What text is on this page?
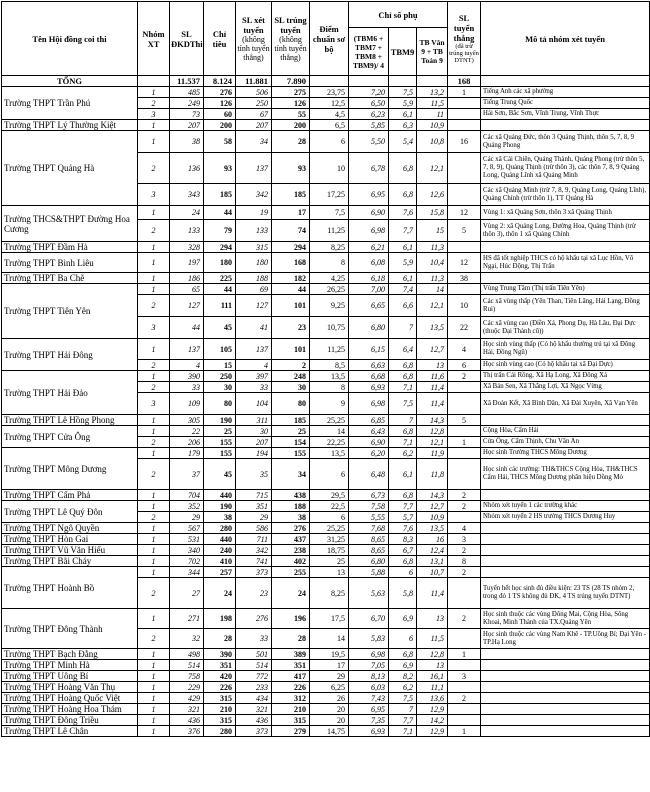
Tên Hội đồng coi thi	Nhóm XT	SL ĐKDThi	Chỉ tiêu	SL xét tuyển
(không tính tuyển thẳng)	SL trúng tuyển
(không tính tuyển thẳng)	Điểm chuẩn sơ bộ	Chỉ số phụ			SL tuyển thẳng
(đã trừ trúng tuyển DTNT)	Mô tả nhóm xét tuyển
							(TBM6 + TBM7 + TBM8 + TBM9)/ 4	TBM9	TB Văn 9 + TB Toán 9		
TỔNG		11.537	8.124	11.881	7.890					168	
Trường THPT Trần Phú	1	485	276	506	275	23,75	7,20	7,5	13,2	1	Tiếng Anh các xã phường
	2	249	126	250	126	12,5	6,50	5,9	11,5		Tiếng Trung Quốc
	3	73	60	67	55	4,5	6,23	6,1	11		Hải Sơn, Bắc Sơn, Vĩnh Trung, Vĩnh Thực
Trường THPT Lý Thường Kiệt	1	207	200	207	200	6,5	5,85	6,3	10,9		
Trường THPT Quảng Hà	1	38	58	34	28	6	5,50	5,4	10,8	16	Các xã Quảng Đức, thôn 3 Quảng Thịnh, thôn 5, 7, 8, 9 Quảng Phong
	2	136	93	137	93	10	6,78	6,8	12,1		Các xã Cái Chiên, Quảng Thành, Quảng Phong (trừ thôn 5, 7, 8, 9), Quảng Thịnh (trừ thôn 3), các thôn 7, 8, 9 Quảng Long, Quảng Lĩnh xã Quảng Minh
	3	343	185	342	185	17,25	6,95	6,8	12,6		Các xã Quảng Minh (trừ 7, 8, 9, Quảng Long, Quảng Lĩnh), Quảng Chính (trừ thôn 1), TT Quảng Hà
Trường THCS&THPT Đường Hoa Cương	1	24	44	19	17	7,5	6,90	7,6	15,8	12	Vùng 1: xã Quảng Sơn, thôn 3 xã Quảng Thịnh
	2	133	79	133	74	11,25	6,98	7,7	15	5	Vùng 2: xã Quảng Long, Đường Hoa, Quảng Thịnh (trừ thôn 3), thôn 1 xã Quảng Chính
Trường THPT Đầm Hà	1	328	294	315	294	8,25	6,21	6,1	11,3		
Trường THPT Bình Liêu	1	197	180	180	168	8	6,08	5,9	10,4	12	HS đã tốt nghiệp THCS có hộ khẩu tại xã Lục Hồn, Vô Ngại, Húc Động, Thị Trấn
Trường THPT Ba Chẽ	1	186	225	188	182	4,25	6,18	6,1	11,3	38	
Trường THPT Tiên Yên	1	65	44	69	44	26,25	7,00	7,4	14		Vùng Trung Tâm (Thị trấn Tiên Yên)
	2	127	111	127	101	9,25	6,65	6,6	12,1	10	Các xã vùng thấp (Yên Than, Tiên Lãng, Hải Lạng, Đồng Rui)
	3	44	45	41	23	10,75	6,80	7	13,5	22	Các xã vùng cao (Điền Xá, Phong Dụ, Hà Lâu, Đại Dực (thuộc Đại Thành cũ))
Trường THPT Hải Đông	1	137	105	137	101	11,25	6,15	6,4	12,7	4	Học sinh vùng thấp (Có hộ khẩu thường trú tại xã Đông Hải, Đồng Ngũ)
	2	4	15	4	2	8,5	6,63	6,8	13	6	Học sinh vùng cao (Có hộ khẩu tại xã Đại Dực)
Trường THPT Hải Đảo	1	390	250	397	248	13,5	6,68	6,8	11,6	2	Thị trấn Cái Rồng, Xã Hạ Long, Xã Đông Xá
	2	33	30	33	30	8	6,93	7,1	11,4		Xã Bản Sen, Xã Thắng Lợi, Xã Ngọc Vừng
	3	109	80	104	80	9	6,98	7,5	11,4		Xã Đoàn Kết, Xã Bình Dân, Xã Đài Xuyên, Xã Vạn Yên
Trường THPT Lê Hồng Phong	1	305	190	311	185	25,25	6,85	7	14,3	5	
Trường THPT Cửa Ông	1	22	25	30	25	14	6,43	6,8	12,8		Cộng Hòa, Cẩm Hải
	2	206	155	207	154	22,25	6,90	7,1	12,1	1	Cửa Ông, Cẩm Thịnh, Chu Văn An
Trường THPT Mông Dương	1	179	155	194	155	13,5	6,20	6,2	11,9		Học sinh Trường THCS Mông Dương
	2	37	45	35	34	6	6,48	6,1	11,8		Học sinh các trường: TH&THCS Cộng Hòa, TH&THCS Cẩm Hải, THCS Mông Dương phân hiệu Dồng Mỏ
Trường THPT Cẩm Phả	1	704	440	715	438	29,5	6,73	6,8	14,3	2	
Trường THPT Lê Quý Đôn	1	352	190	351	188	22,5	7,58	7,7	12,7	2	Nhóm xét tuyển 1 các trường khác
	2	29	38	29	38	6	5,55	5,7	10,9		Nhóm xét tuyển 2 HS trường THCS Dương Huy
Trường THPT Ngô Quyền	1	567	280	586	276	25,25	7,68	7,6	13,5	4	
Trường THPT Hòn Gai	1	531	440	711	437	31,25	8,65	8,3	16	3	
Trường THPT Vũ Văn Hiếu	1	340	240	342	238	18,75	8,65	6,7	12,4	2	
Trường THPT Bãi Cháy	1	702	410	741	402	25	6,80	6,8	13,1	8	
Trường THPT Hoành Bồ	1	344	257	373	255	13	5,88	6	10,7	2	
	2	27	24	23	24	8,25	5,63	5,8	11,4		Tuyển hết học sinh đủ điều kiện: 23 TS (28 TS nhóm 2, trong đó 1 TS không đủ ĐK, 4 TS trúng tuyển DTNT)
Trường THPT Đông Thành	1	271	198	276	196	17,5	6,70	6,9	13	2	Học sinh thuộc các vùng Đông Mai, Cộng Hòa, Sông Khoai, Minh Thành của TX.Quảng Yên
	2	32	28	33	28	14	5,83	6	11,5		Học sinh thuộc các vùng Nam Khê - TP.Uông Bí; Đại Yên - TP.Hạ Long
Trường THPT Bạch Đằng	1	498	390	501	389	19,5	6,98	6,8	12,8	1	
Trường THPT Minh Hà	1	514	351	514	351	17	7,05	6,9	13		
Trường THPT Uông Bí	1	758	420	772	417	29	8,13	8,2	16,1	3	
Trường THPT Hoàng Văn Thụ	1	229	226	233	226	6,25	6,03	6,2	11,1		
Trường THPT Hoàng Quốc Việt	1	429	315	434	312	26	7,43	7,5	13,6	2	
Trường THPT Hoàng Hoa Thám	1	321	210	321	210	20	6,95	7	12,9		
Trường THPT Đông Triều	1	436	315	436	315	20	7,35	7,7	14,2		
Trường THPT Lê Chân	1	376	280	373	279	14,75	6,93	7,1	12,9	1	
